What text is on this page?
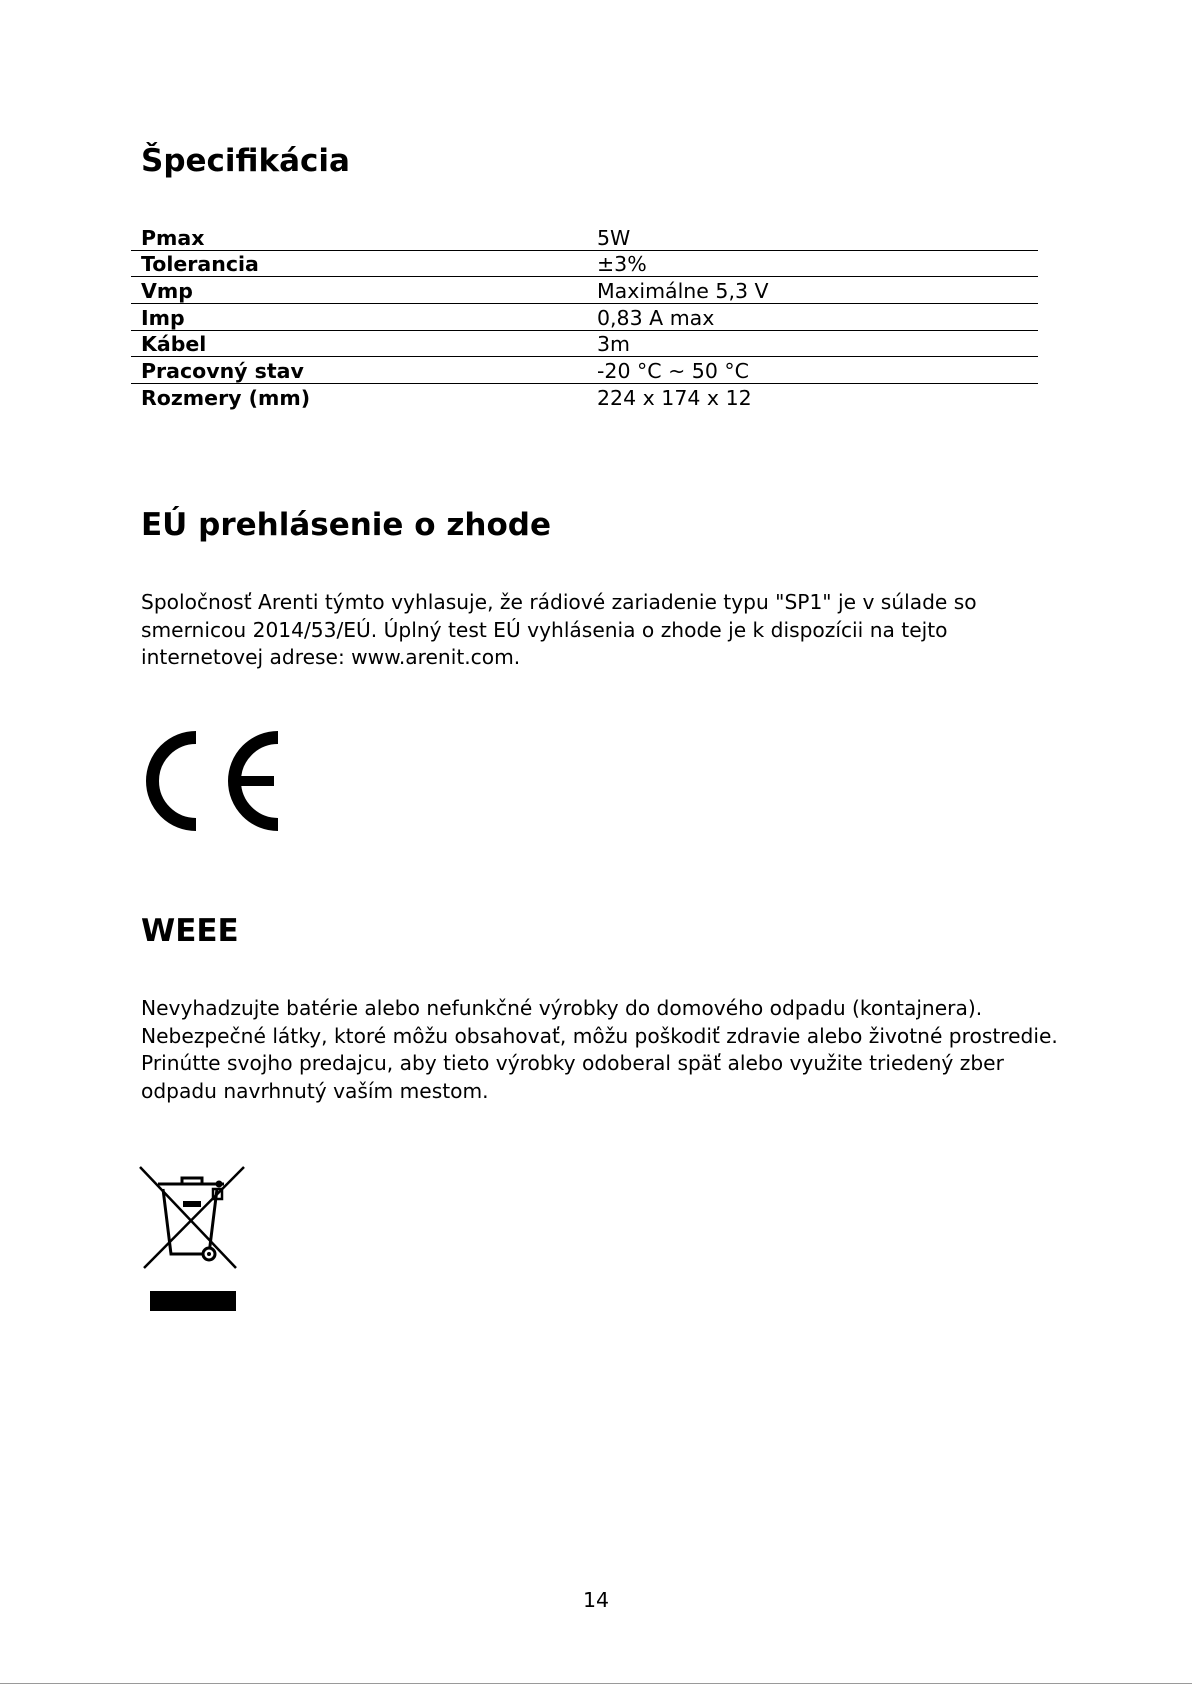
Špecifikácia
Pmax	5W
Tolerancia	±3%
Vmp	Maximálne 5,3 V
Imp	0,83 A max
Kábel	3m
Pracovný stav	-20 °C ~ 50 °C
Rozmery (mm)	224 x 174 x 12
EÚ prehlásenie o zhode

Spoločnosť Arenti týmto vyhlasuje, že rádiové zariadenie typu "SP1" je v súlade so
smernicou 2014/53/EÚ. Úplný test EÚ vyhlásenia o zhode je k dispozícii na tejto
internetovej adrese: www.arenit.com.

WEEE

Nevyhadzujte batérie alebo nefunkčné výrobky do domového odpadu (kontajnera).
Nebezpečné látky, ktoré môžu obsahovať, môžu poškodiť zdravie alebo životné prostredie.
Prinútte svojho predajcu, aby tieto výrobky odoberal späť alebo využite triedený zber
odpadu navrhnutý vaším mestom.

14
